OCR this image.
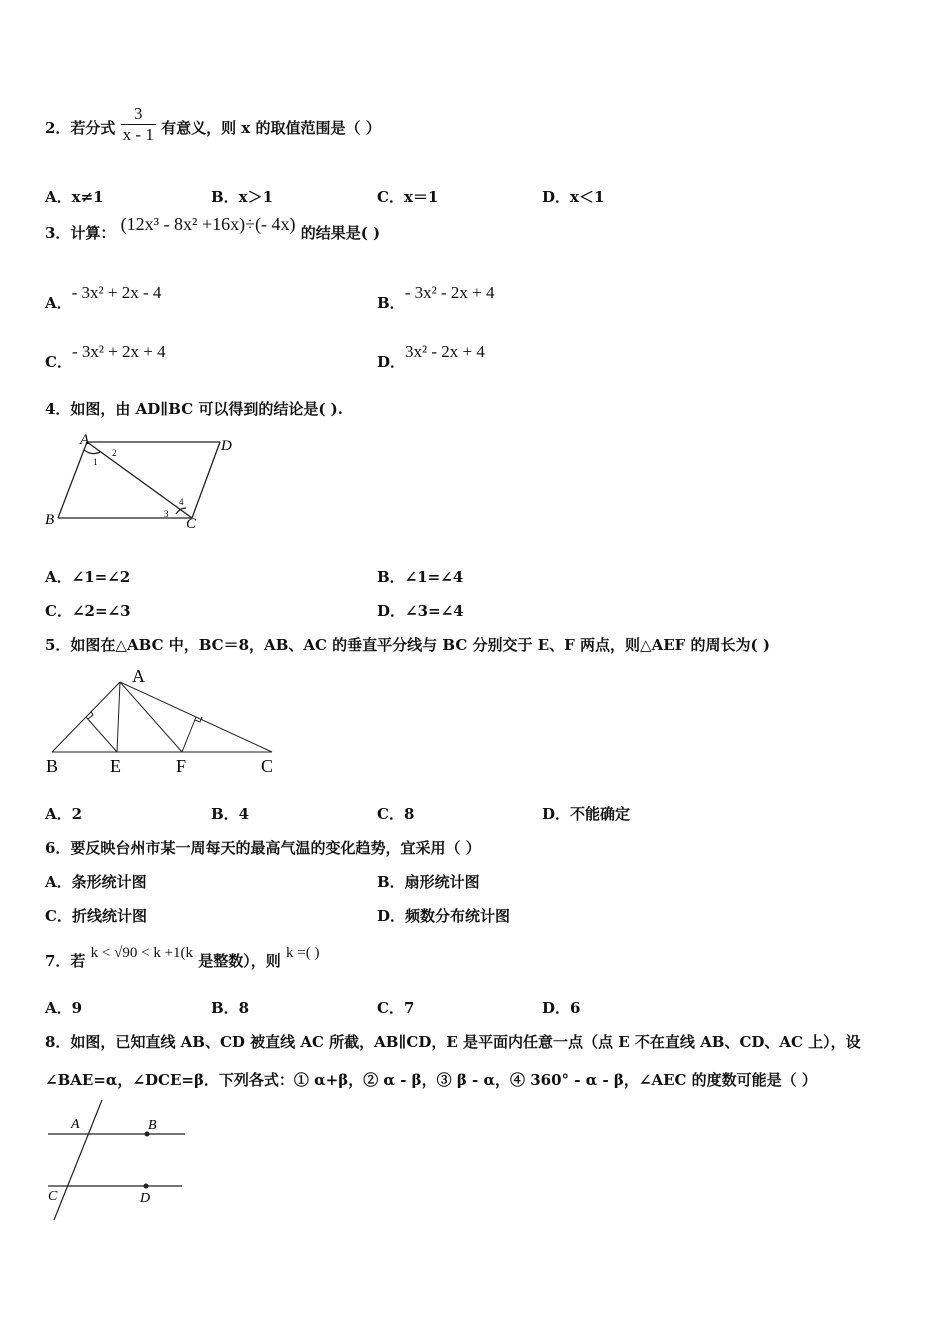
2．若分式 $\frac{3}{x - 1}$ 有意义，则 x 的取值范围是（ ）
A．x≠1	B．x＞1	C．x＝1	D．x＜1
3．计算： (12x³ - 8x² +16x)÷(- 4x) 的结果是( )
A．- 3x² + 2x - 4
B．- 3x² - 2x + 4
C．- 3x² + 2x + 4
D．3x² - 2x + 4
4．如图，由 AD∥BC 可以得到的结论是( ).
A	D
B	C
1
2
3
4
A．∠1=∠2	B．∠1=∠4
C．∠2=∠3	D．∠3=∠4
5．如图在△ABC 中，BC＝8，AB、AC 的垂直平分线与 BC 分别交于 E、F 两点，则△AEF 的周长为( )
A
B	E	F	C
A．2	B．4	C．8	D．不能确定
6．要反映台州市某一周每天的最高气温的变化趋势，宜采用（ ）
A．条形统计图	B．扇形统计图
C．折线统计图	D．频数分布统计图
7．若 k < √90 < k +1(k 是整数），则 k =( )
A．9	B．8	C．7	D．6
8．如图，已知直线 AB、CD 被直线 AC 所截，AB∥CD，E 是平面内任意一点（点 E 不在直线 AB、CD、AC 上），设
∠BAE=α，∠DCE=β．下列各式：① α+β，② α - β，③ β - α，④ 360° - α - β，∠AEC 的度数可能是（ ）
A	B
C	D
